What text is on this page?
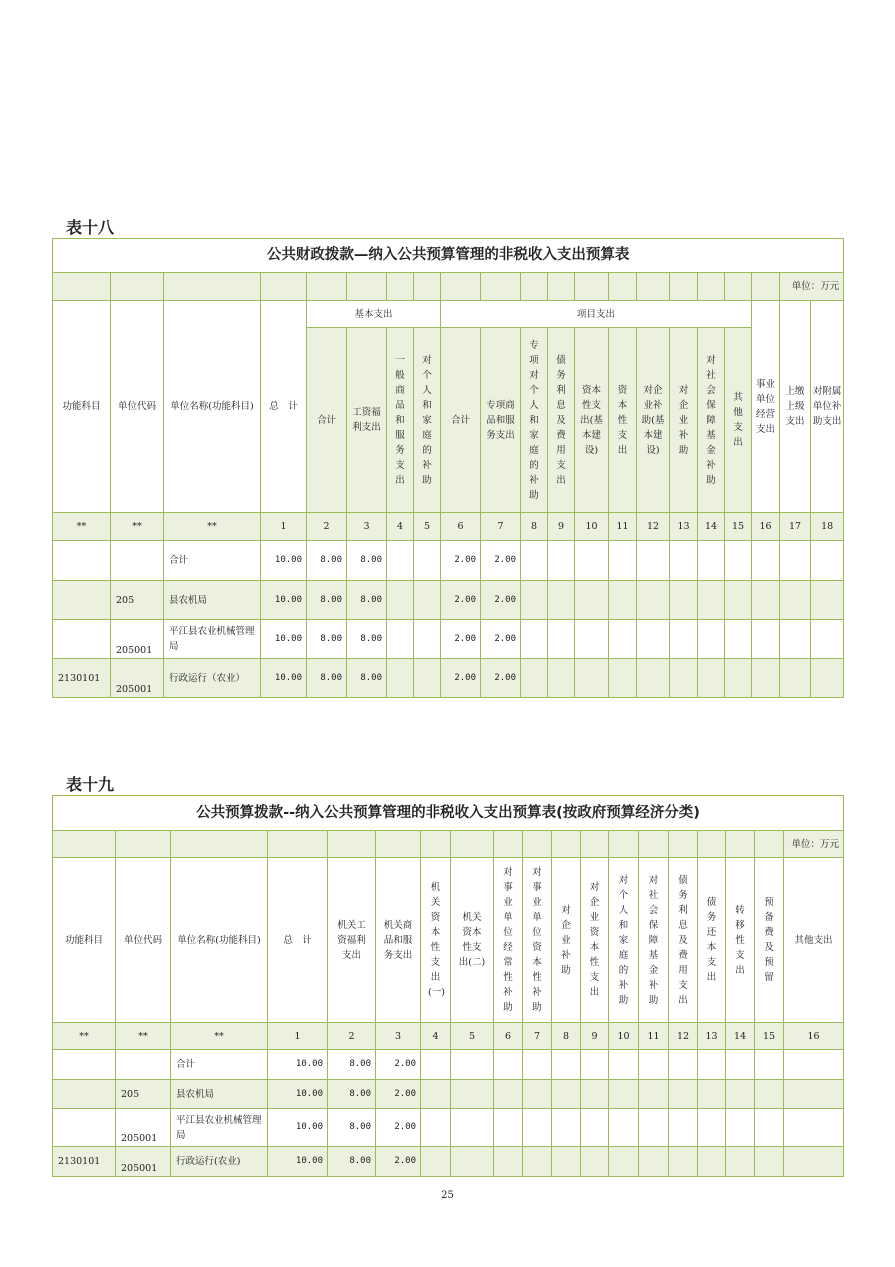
表十八
公共财政拨款—纳入公共预算管理的非税收入支出预算表																				
																			单位：万元	
功能科目	单位代码	单位名称(功能科目)	总　计	基本支出				项目支出										事业单位经营支出	上缴上级支出	对附属单位补助支出
				合计	工资福利支出	一般商品和服务支出	对个人和家庭的补助	合计	专项商品和服务支出	专项对个人和家庭的补助	债务利息及费用支出	资本性支出(基本建设)	资本性支出	对企业补助(基本建设)	对企业补助	对社会保障基金补助	其他支出			
**	**	**	1	2	3	4	5	6	7	8	9	10	11	12	13	14	15	16	17	18
		合计	10.00	8.00	8.00			2.00	2.00											
	205	县农机局	10.00	8.00	8.00			2.00	2.00											
	205001	平江县农业机械管理局	10.00	8.00	8.00			2.00	2.00											
2130101	205001	行政运行（农业）	10.00	8.00	8.00			2.00	2.00											
表十九
公共预算拨款--纳入公共预算管理的非税收入支出预算表(按政府预算经济分类)																		
																		单位：万元
功能科目	单位代码	单位名称(功能科目)	总　计	机关工资福利支出	机关商品和服务支出	机关资本性支出(一)	机关资本性支出(二)	对事业单位经常性补助	对事业单位资本性补助	对企业补助	对企业资本性支出	对个人和家庭的补助	对社会保障基金补助	债务利息及费用支出	债务还本支出	转移性支出	预备费及预留	其他支出
**	**	**	1	2	3	4	5	6	7	8	9	10	11	12	13	14	15	16
		合计	10.00	8.00	2.00													
	205	县农机局	10.00	8.00	2.00													
	205001	平江县农业机械管理局	10.00	8.00	2.00													
2130101	205001	行政运行(农业)	10.00	8.00	2.00													
25
